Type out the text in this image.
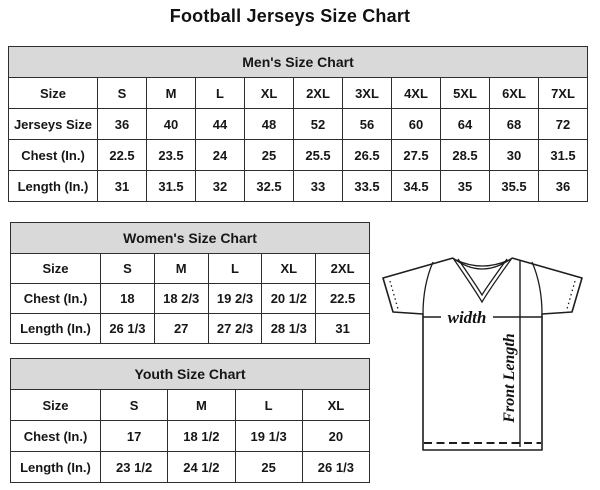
Football Jerseys Size Chart
Men's Size Chart										
Size	S	M	L	XL	2XL	3XL	4XL	5XL	6XL	7XL
Jerseys Size	36	40	44	48	52	56	60	64	68	72
Chest (In.)	22.5	23.5	24	25	25.5	26.5	27.5	28.5	30	31.5
Length (In.)	31	31.5	32	32.5	33	33.5	34.5	35	35.5	36
Women's Size Chart					
Size	S	M	L	XL	2XL
Chest (In.)	18	18 2/3	19 2/3	20 1/2	22.5
Length (In.)	26 1/3	27	27 2/3	28 1/3	31
Youth Size Chart				
Size	S	M	L	XL
Chest (In.)	17	18 1/2	19 1/3	20
Length (In.)	23 1/2	24 1/2	25	26 1/3
width
Front Length
